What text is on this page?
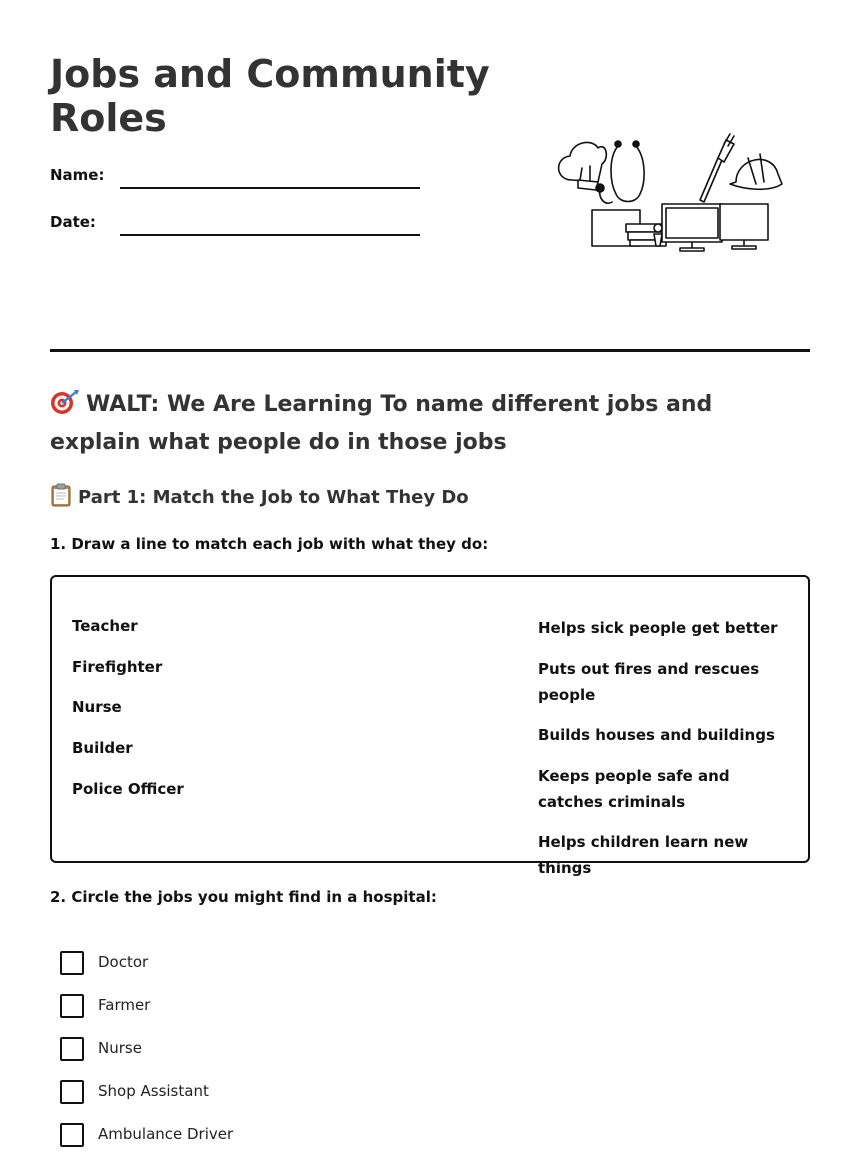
Jobs and Community Roles
Name:
Date:
WALT: We Are Learning To name different jobs and explain what people do in those jobs
Part 1: Match the Job to What They Do
1. Draw a line to match each job with what they do:
Teacher
Firefighter
Nurse
Builder
Police Officer
Helps sick people get better
Puts out fires and rescues people
Builds houses and buildings
Keeps people safe and catches criminals
Helps children learn new things
2. Circle the jobs you might find in a hospital:
Doctor
Farmer
Nurse
Shop Assistant
Ambulance Driver
